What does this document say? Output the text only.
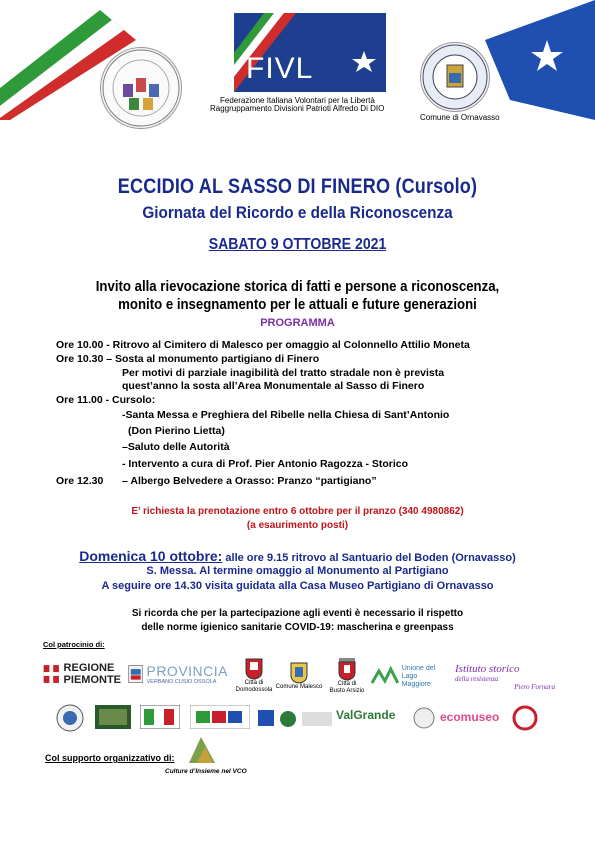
FIVL
Federazione Italiana Volontari per la Libertà
Raggruppamento Divisioni Patrioti Alfredo Di DIO
Comune di Ornavasso
ECCIDIO AL SASSO DI FINERO (Cursolo)
Giornata del Ricordo e della Riconoscenza
SABATO 9 OTTOBRE 2021
Invito alla rievocazione storica di fatti e persone a riconoscenza,
monito e insegnamento per le attuali e future generazioni
PROGRAMMA
Ore 10.00 - Ritrovo al Cimitero di Malesco per omaggio al Colonnello Attilio Moneta
Ore 10.30 – Sosta al monumento partigiano di Finero
Per motivi di parziale inagibilità del tratto stradale non è prevista
quest’anno la sosta all’Area Monumentale al Sasso di Finero
Ore 11.00 - Cursolo:
-Santa Messa e Preghiera del Ribelle nella Chiesa di Sant’Antonio
(Don Pierino Lietta)
–Saluto delle Autorità
- Intervento a cura di Prof. Pier Antonio Ragozza - Storico
Ore 12.30 – Albergo Belvedere a Orasso: Pranzo “partigiano”
E’ richiesta la prenotazione entro 6 ottobre per il pranzo (340 4980862)
(a esaurimento posti)
Domenica 10 ottobre: alle ore 9.15 ritrovo al Santuario del Boden (Ornavasso)
S. Messa. Al termine omaggio al Monumento al Partigiano
A seguire ore 14.30 visita guidata alla Casa Museo Partigiano di Ornavasso
Si ricorda che per la partecipazione agli eventi è necessario il rispetto
delle norme igienico sanitarie COVID-19: mascherina e greenpass
Col patrocinio di:
REGIONE
PIEMONTE
PROVINCIA
VERBANO CUSIO OSSOLA	Città di
Domodossola
Comune Malesco	Città di
Busto Arsizio
Unione del
Lago Maggiore
Istituto storico
della resistenza
Piero Fornara
ValGrande	ecomuseo
Col supporto organizzativo di:
Culture d’Insieme nel VCO
